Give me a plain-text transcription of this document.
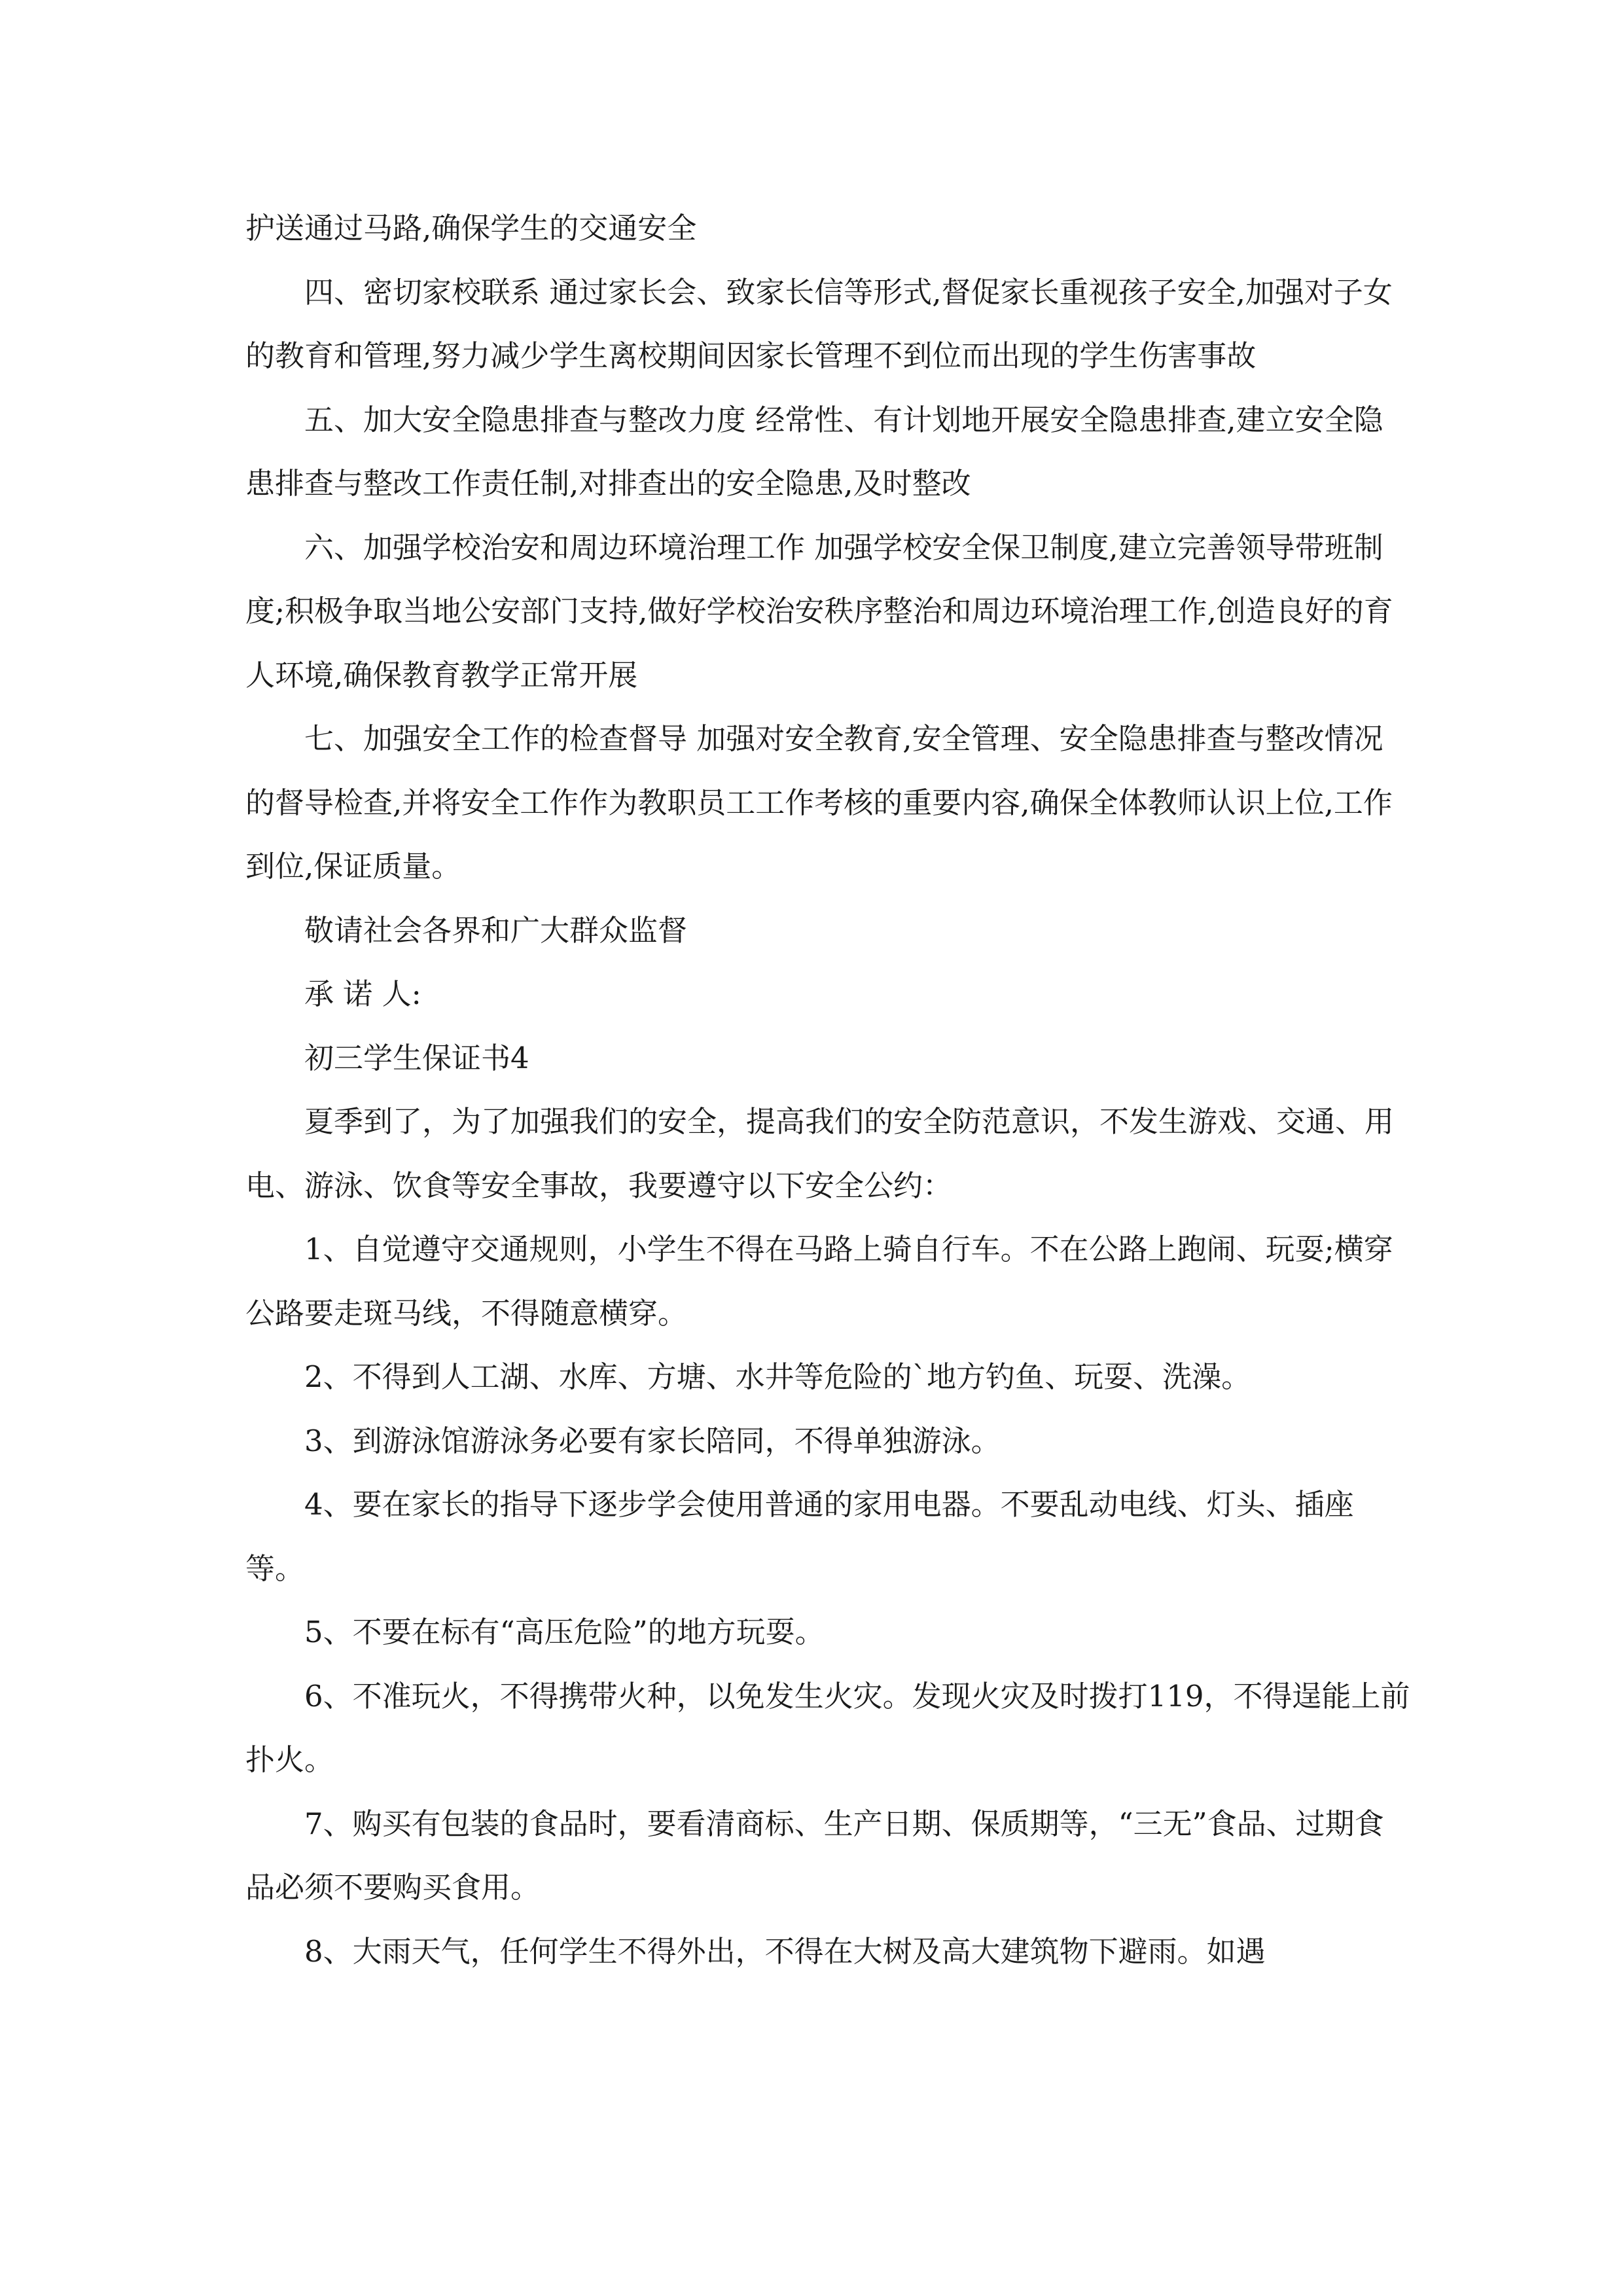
护送通过马路,确保学生的交通安全

四、密切家校联系 通过家长会、致家长信等形式,督促家长重视孩子安全,加强对子女的教育和管理,努力减少学生离校期间因家长管理不到位而出现的学生伤害事故

五、加大安全隐患排查与整改力度 经常性、有计划地开展安全隐患排查,建立安全隐患排查与整改工作责任制,对排查出的安全隐患,及时整改

六、加强学校治安和周边环境治理工作 加强学校安全保卫制度,建立完善领导带班制度;积极争取当地公安部门支持,做好学校治安秩序整治和周边环境治理工作,创造良好的育人环境,确保教育教学正常开展

七、加强安全工作的检查督导 加强对安全教育,安全管理、安全隐患排查与整改情况的督导检查,并将安全工作作为教职员工工作考核的重要内容,确保全体教师认识上位,工作到位,保证质量。

敬请社会各界和广大群众监督

承 诺 人:

初三学生保证书4

夏季到了，为了加强我们的安全，提高我们的安全防范意识，不发生游戏、交通、用电、游泳、饮食等安全事故，我要遵守以下安全公约：

1、自觉遵守交通规则，小学生不得在马路上骑自行车。不在公路上跑闹、玩耍;横穿公路要走斑马线，不得随意横穿。

2、不得到人工湖、水库、方塘、水井等危险的`地方钓鱼、玩耍、洗澡。

3、到游泳馆游泳务必要有家长陪同，不得单独游泳。

4、要在家长的指导下逐步学会使用普通的家用电器。不要乱动电线、灯头、插座等。

5、不要在标有“高压危险”的地方玩耍。

6、不准玩火，不得携带火种，以免发生火灾。发现火灾及时拨打119，不得逞能上前扑火。

7、购买有包装的食品时，要看清商标、生产日期、保质期等，“三无”食品、过期食品必须不要购买食用。

8、大雨天气，任何学生不得外出，不得在大树及高大建筑物下避雨。如遇
